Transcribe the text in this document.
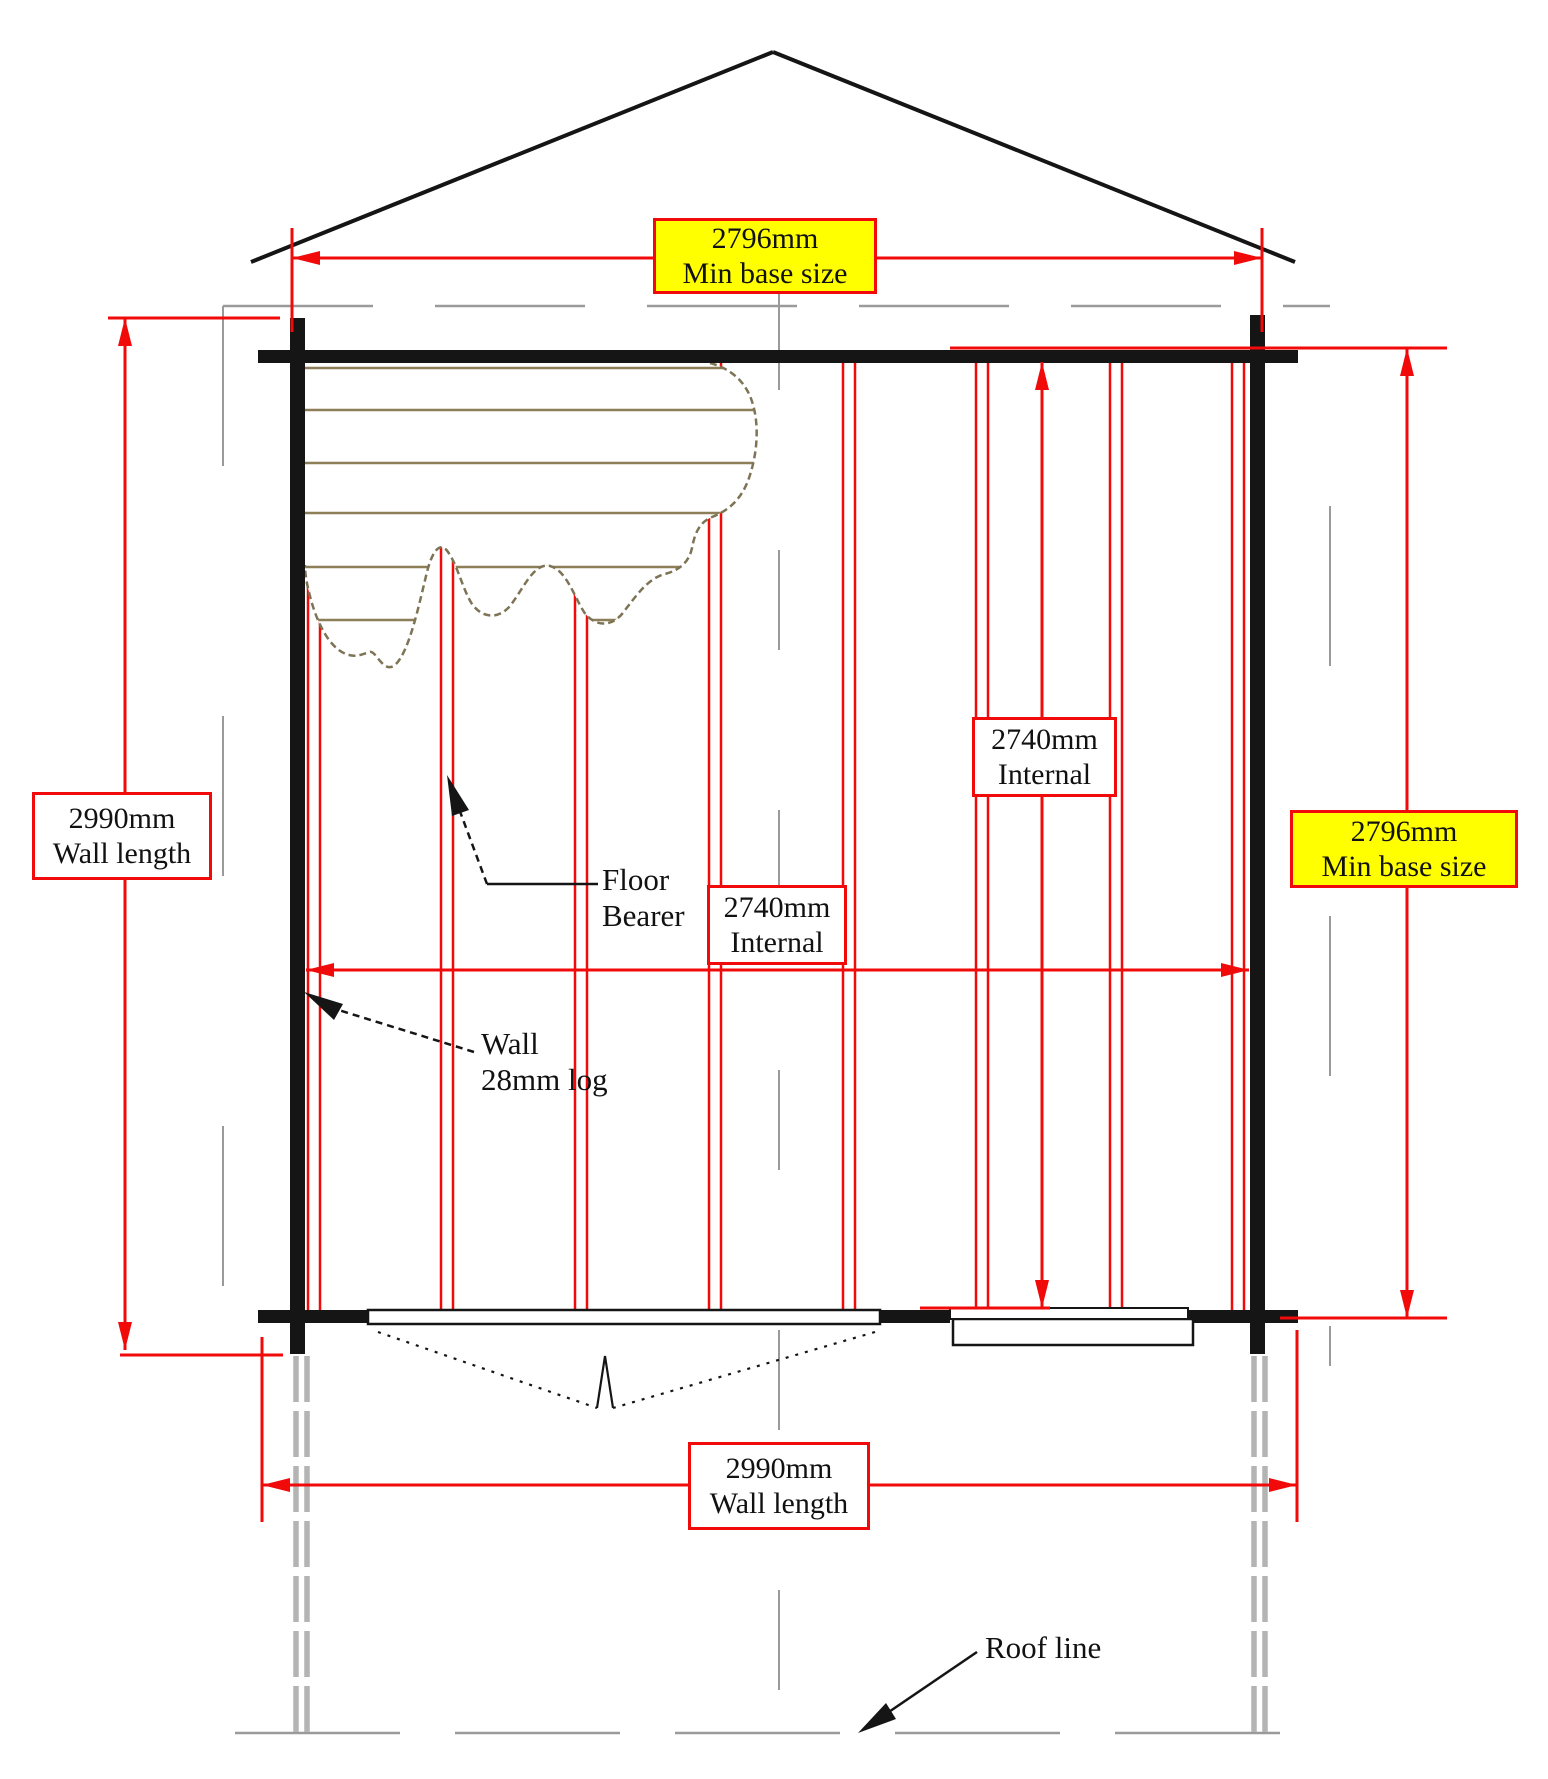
2796mm
Min base size
2990mm
Wall length
2740mm
Internal
2740mm
Internal
2796mm
Min base size
2990mm
Wall length
Floor
Bearer
Wall
28mm log
Roof line
